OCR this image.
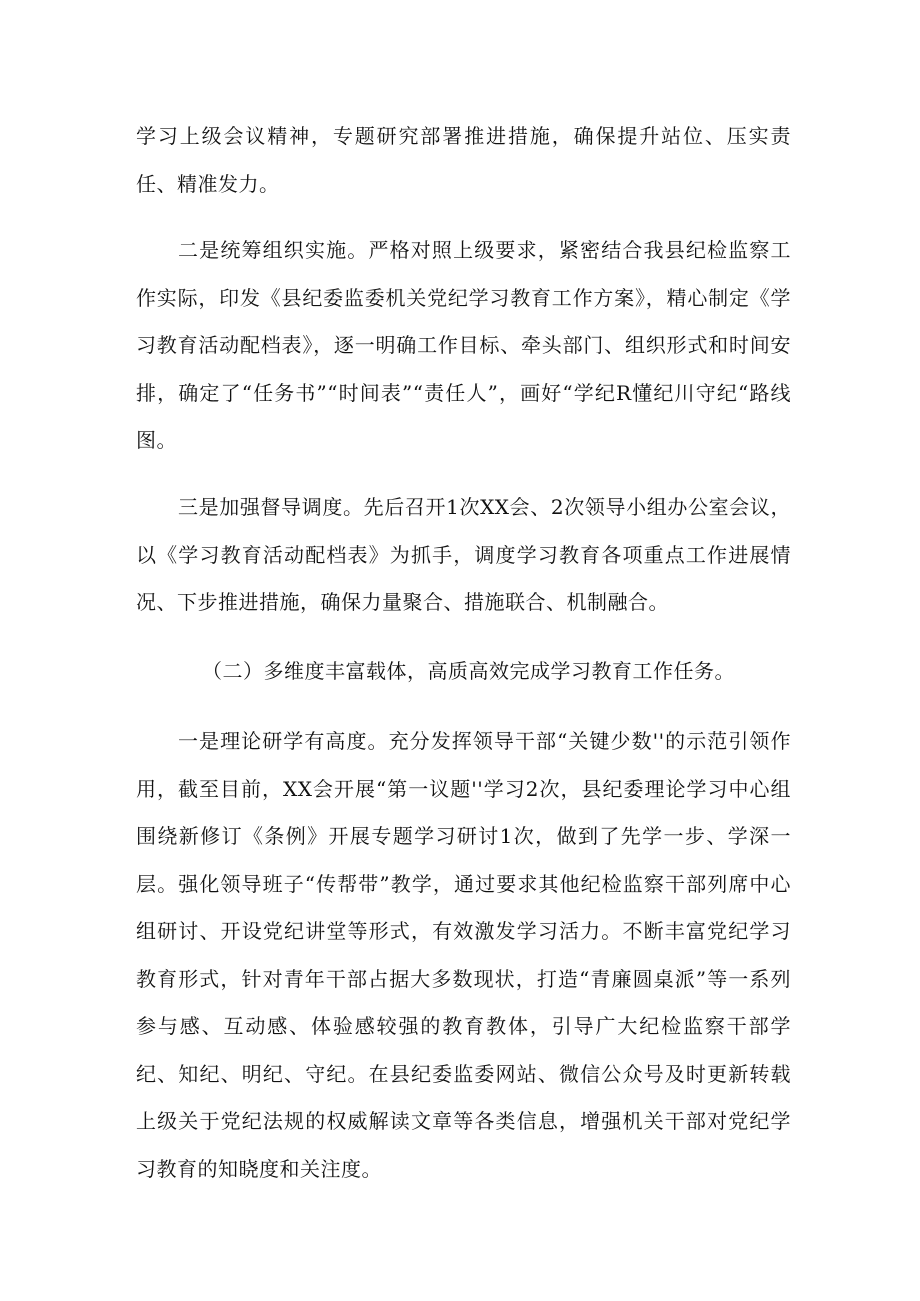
学习上级会议精神，专题研究部署推进措施，确保提升站位、压实责任、精准发力。

二是统筹组织实施。严格对照上级要求，紧密结合我县纪检监察工作实际，印发《县纪委监委机关党纪学习教育工作方案》，精心制定《学习教育活动配档表》，逐一明确工作目标、牵头部门、组织形式和时间安排，确定了“任务书”“时间表”“责任人”，画好“学纪R懂纪川守纪“路线图。

三是加强督导调度。先后召开1次XX会、2次领导小组办公室会议，以《学习教育活动配档表》为抓手，调度学习教育各项重点工作进展情况、下步推进措施，确保力量聚合、措施联合、机制融合。

（二）多维度丰富载体，高质高效完成学习教育工作任务。

一是理论研学有高度。充分发挥领导干部“关键少数''的示范引领作用，截至目前，XX会开展“第一议题''学习2次，县纪委理论学习中心组围绕新修订《条例》开展专题学习研讨1次，做到了先学一步、学深一层。强化领导班子“传帮带”教学，通过要求其他纪检监察干部列席中心组研讨、开设党纪讲堂等形式，有效激发学习活力。不断丰富党纪学习教育形式，针对青年干部占据大多数现状，打造“青廉圆桌派”等一系列参与感、互动感、体验感较强的教育教体，引导广大纪检监察干部学纪、知纪、明纪、守纪。在县纪委监委网站、微信公众号及时更新转载上级关于党纪法规的权威解读文章等各类信息，增强机关干部对党纪学习教育的知晓度和关注度。
